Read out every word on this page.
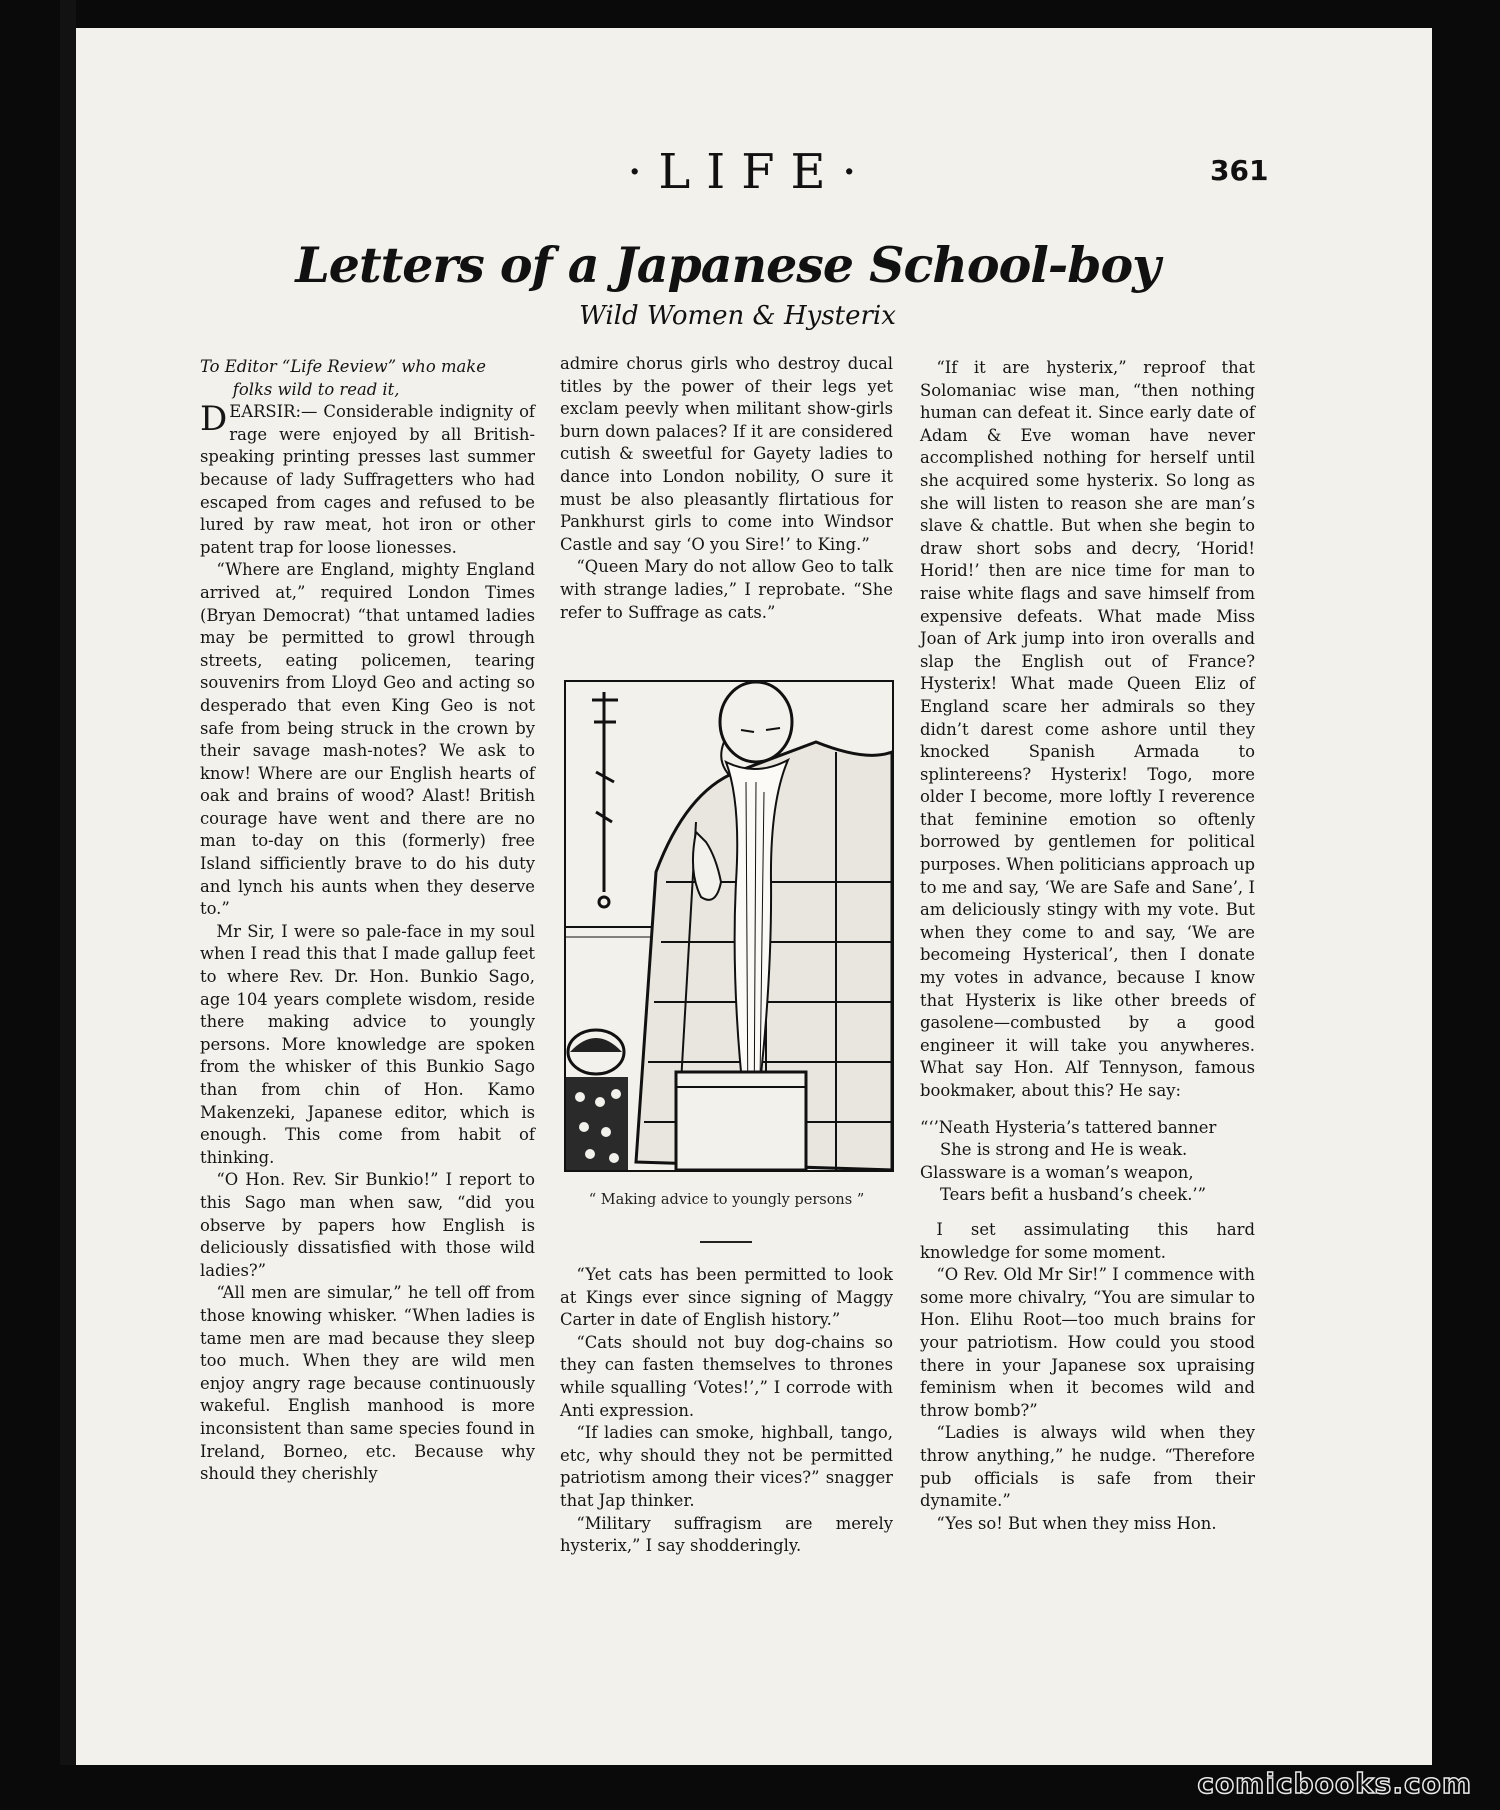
·LIFE·	361
Letters of a Japanese School-boy
Wild Women & Hysterix

To Editor “Life Review” who make
folks wild to read it,

DEARSIR:— Considerable indignity of rage were enjoyed by all British-speaking printing presses last summer because of lady Suffragetters who had escaped from cages and refused to be lured by raw meat, hot iron or other patent trap for loose lionesses.

“Where are England, mighty England arrived at,” required London Times (Bryan Democrat) “that untamed ladies may be permitted to growl through streets, eating policemen, tearing souvenirs from Lloyd Geo and acting so desperado that even King Geo is not safe from being struck in the crown by their savage mash-notes? We ask to know! Where are our English hearts of oak and brains of wood? Alast! British courage have went and there are no man to-day on this (formerly) free Island sifficiently brave to do his duty and lynch his aunts when they deserve to.”

Mr Sir, I were so pale-face in my soul when I read this that I made gallup feet to where Rev. Dr. Hon. Bunkio Sago, age 104 years complete wisdom, reside there making advice to youngly persons. More knowledge are spoken from the whisker of this Bunkio Sago than from chin of Hon. Kamo Makenzeki, Japanese editor, which is enough. This come from habit of thinking.

“O Hon. Rev. Sir Bunkio!” I report to this Sago man when saw, “did you observe by papers how English is deliciously dissatisfied with those wild ladies?”

“All men are simular,” he tell off from those knowing whisker. “When ladies is tame men are mad because they sleep too much. When they are wild men enjoy angry rage because continuously wakeful. English manhood is more inconsistent than same species found in Ireland, Borneo, etc. Because why should they cherishly

admire chorus girls who destroy ducal titles by the power of their legs yet exclam peevly when militant show-girls burn down palaces? If it are considered cutish & sweetful for Gayety ladies to dance into London nobility, O sure it must be also pleasantly flirtatious for Pankhurst girls to come into Windsor Castle and say ‘O you Sire!’ to King.”

“Queen Mary do not allow Geo to talk with strange ladies,” I reprobate. “She refer to Suffrage as cats.”

“ Making advice to youngly persons ”

“Yet cats has been permitted to look at Kings ever since signing of Maggy Carter in date of English history.”

“Cats should not buy dog-chains so they can fasten themselves to thrones while squalling ‘Votes!’,” I corrode with Anti expression.

“If ladies can smoke, highball, tango, etc, why should they not be permitted patriotism among their vices?” snagger that Jap thinker.

“Military suffragism are merely hysterix,” I say shodderingly.

“If it are hysterix,” reproof that Solomaniac wise man, “then nothing human can defeat it. Since early date of Adam & Eve woman have never accomplished nothing for herself until she acquired some hysterix. So long as she will listen to reason she are man’s slave & chattle. But when she begin to draw short sobs and decry, ‘Horid! Horid!’ then are nice time for man to raise white flags and save himself from expensive defeats. What made Miss Joan of Ark jump into iron overalls and slap the English out of France? Hysterix! What made Queen Eliz of England scare her admirals so they didn’t darest come ashore until they knocked Spanish Armada to splintereens? Hysterix! Togo, more older I become, more loftly I reverence that feminine emotion so oftenly borrowed by gentlemen for political purposes. When politicians approach up to me and say, ‘We are Safe and Sane’, I am deliciously stingy with my vote. But when they come to and say, ‘We are becomeing Hysterical’, then I donate my votes in advance, because I know that Hysterix is like other breeds of gasolene—combusted by a good engineer it will take you anywheres. What say Hon. Alf Tennyson, famous bookmaker, about this? He say:

“‘’Neath Hysteria’s tattered banner
She is strong and He is weak.
Glassware is a woman’s weapon,
Tears befit a husband’s cheek.’”

I set assimulating this hard knowledge for some moment.

“O Rev. Old Mr Sir!” I commence with some more chivalry, “You are simular to Hon. Elihu Root—too much brains for your patriotism. How could you stood there in your Japanese sox upraising feminism when it becomes wild and throw bomb?”

“Ladies is always wild when they throw anything,” he nudge. “Therefore pub officials is safe from their dynamite.”

“Yes so! But when they miss Hon.

comicbooks.com
